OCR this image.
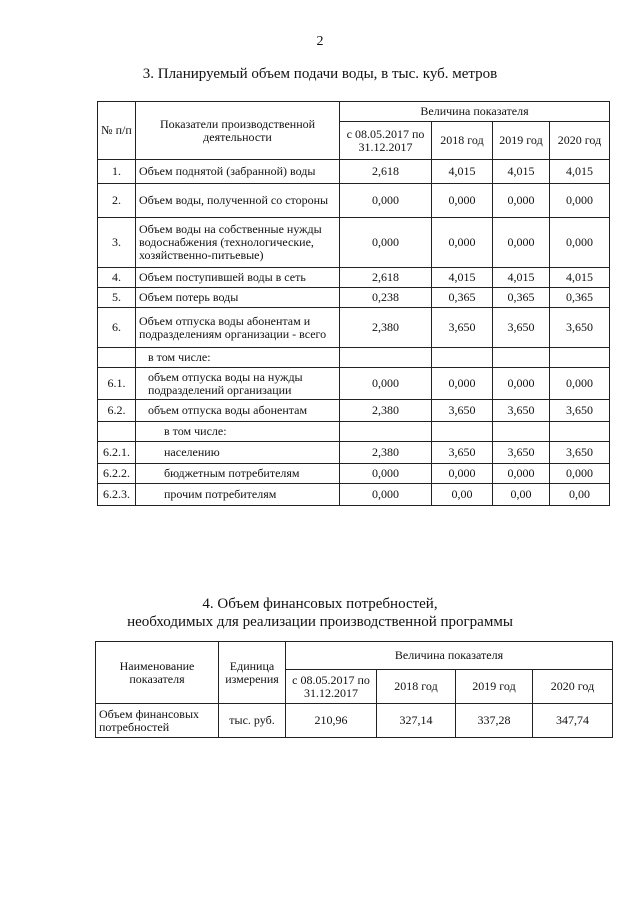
2
3. Планируемый объем подачи воды, в тыс. куб. метров
№ п/п	Показатели производственной деятельности	Величина показателя			
		с 08.05.2017 по 31.12.2017	2018 год	2019 год	2020 год
1.	Объем поднятой (забранной) воды	2,618	4,015	4,015	4,015
2.	Объем воды, полученной со стороны	0,000	0,000	0,000	0,000
3.	Объем воды на собственные нужды водоснабжения (технологические, хозяйственно-питьевые)	0,000	0,000	0,000	0,000
4.	Объем поступившей воды в сеть	2,618	4,015	4,015	4,015
5.	Объем потерь воды	0,238	0,365	0,365	0,365
6.	Объем отпуска воды абонентам и подразделениям организации - всего	2,380	3,650	3,650	3,650
	в том числе:				
6.1.	объем отпуска воды на нужды подразделений организации	0,000	0,000	0,000	0,000
6.2.	объем отпуска воды абонентам	2,380	3,650	3,650	3,650
	в том числе:				
6.2.1.	населению	2,380	3,650	3,650	3,650
6.2.2.	бюджетным потребителям	0,000	0,000	0,000	0,000
6.2.3.	прочим потребителям	0,000	0,00	0,00	0,00
4. Объем финансовых потребностей,
необходимых для реализации производственной программы
Наименование показателя	Единица измерения	Величина показателя			
		с 08.05.2017 по 31.12.2017	2018 год	2019 год	2020 год
Объем финансовых потребностей	тыс. руб.	210,96	327,14	337,28	347,74
